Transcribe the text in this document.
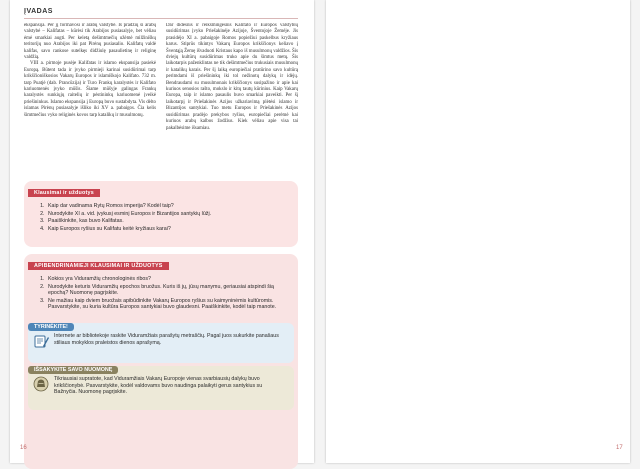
ĮVADAS

ekspansija. Per jį formavosi ir arabų valstybė. Iš pradžių ši arabų valstybė – Kalifatas – kūrėsi tik Arabijos pusiasalyje, bet vėliau ėmė smarkiai augti. Per keletą dešimtmečių užėmė milžiniškų teritorijų nuo Arabijos iki pat Pirėnų pusiasalio. Kalifatų valdė kalifas, savo rankose sutelkęs didžiulę pasaulietinę ir religinę valdžią.

VIII a. pirmoje pusėje Kalifatas ir islamo ekspansija pasiekė Europą. Būtent tada ir įvyko pirmieji karinai susidūrimai tarp krikščioniškosios Vakarų Europos ir islamiškojo Kalifato. 732 m. tarp Puatjė (dab. Prancūzija) ir Turo Frankų karalystės ir Kalifato kariuomenės įvyko mūšis. Šiame mūšyje galingas Frankų karalystės sunkiųjų raitelių ir pėstininkų kariuomenė įveikė priešininkus. Islamo ekspansija į Europą buvo sustabdyta. Vis dėlto islamas Pirėnų pusiasalyje išliko iki XV a. pabaigos. Čia kelis šimtmečius vyko religinės kovos tarp katalikų ir musulmonų.

Dar didesnis ir reikšmingesnis Kalifato ir Europos valstybių susidūrimas įvyko Priešakinėje Azijoje, Šventojoje Žemėje. Jis prasidėjo XI a. pabaigoje Romos popiežiui paskelbus kryžiaus karus. Stiprūs tikintys Vakarų Europos krikščionys keliavo į Šventąją Žemę išvaduoti Kristaus kapo iš musulmonų valdžios. Šis dviejų kultūrų susidūrimas truko apie du šimtus metų. Šis laikotarpis paženklintas ne tik dešimtmečius trukusiais musulmonų ir katalikų karais. Per šį laiką europiečiai pratūrino savo kultūrą perimdami iš priešininkų iki tol nežinotų dalykų ir idėjų. Bendraudami su musulmonais krikščionys susipažino ir apie kai kuriuos senosios rašto, mokslo ir kitų tautų kūrinius. Kaip Vakarų Europa, taip ir islamo pasaulis buvo smarkiai paveikti. Per šį laikotarpį ir Priešakinės Azijos užkariavimą plėtėsi islamo ir Bizantijos santykiai. Tuo metu Europos ir Priešakinės Azijos susidūrimas pradėjo prekybos ryšius, europiečiai perėmė kai kuriuos arabų kalbos žodžius. Kiek vėliau apie visa tai pakalbėsime išsamiau.

Klausimai ir užduotys
1. Kaip dar vadinama Rytų Romos imperija? Kodėl taip?
2. Nurodykite XI a. vid. įvykusį esminį Europos ir Bizantijos santykių lūžį.
3. Paaiškinkite, kas buvo Kalifatas.
4. Kaip Europos ryšius su Kalifatu keitė kryžiaus karai?
APIBENDRINAMIEJI KLAUSIMAI IR UŽDUOTYS
1. Kokios yra Viduramžių chronologinės ribos?
2. Nurodykite keturis Viduramžių epochos bruožus. Kuris iš jų, jūsų manymu, geriausiai atspindi šią epochą? Nuomonę pagrįskite.
3. Ne mažiau kaip dviem bruožais apibūdinkite Vakarų Europos ryšius su kaimyninėmis kultūromis. Pasvarstykite, su kuria kultūra Europos santykiai buvo glaudesni. Paaiškinkite, kodėl taip manote.
TYRINĖKITE!
Internete ar bibliotekoje raskite Viduramžiais parašytų metraščių. Pagal juos sukurkite panašaus stiliaus mokyklos praleistos dienos aprašymą.
IŠSAKYKITE SAVO NUOMONĘ
Tikriausiai supratote, kad Viduramžiais Vakarų Europoje vienas svarbiausių dalykų buvo krikščionybė. Pasvarstykite, kodėl valdovams buvo naudinga palaikyti gerus santykius su Bažnyčia. Nuomonę pagrįskite.
16	17
